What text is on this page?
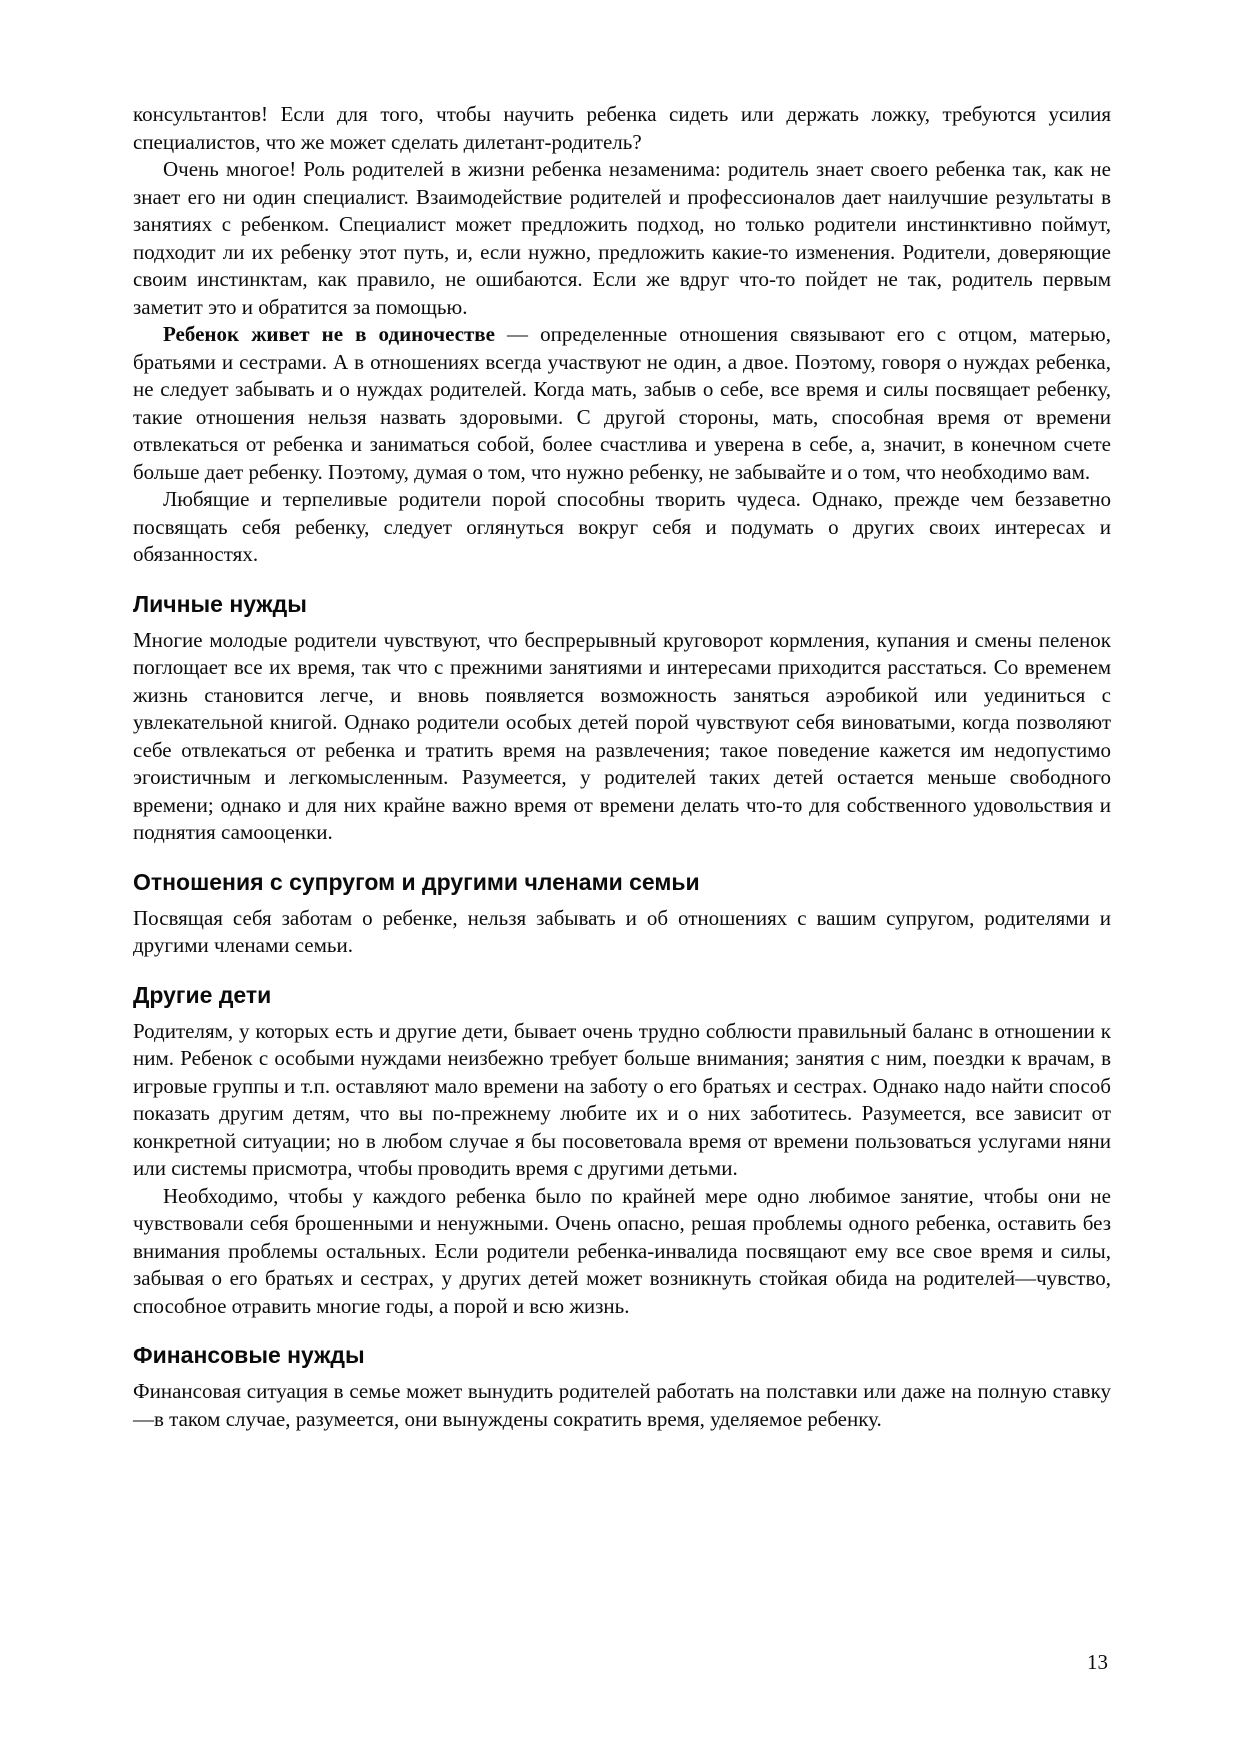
консультантов! Если для того, чтобы научить ребенка сидеть или держать ложку, требуются усилия специалистов, что же может сделать дилетант-родитель?

Очень многое! Роль родителей в жизни ребенка незаменима: родитель знает своего ребенка так, как не знает его ни один специалист. Взаимодействие родителей и профессионалов дает наилучшие результаты в занятиях с ребенком. Специалист может предложить подход, но только родители инстинктивно поймут, подходит ли их ребенку этот путь, и, если нужно, предложить какие-то изменения. Родители, доверяющие своим инстинктам, как правило, не ошибаются. Если же вдруг что-то пойдет не так, родитель первым заметит это и обратится за помощью.

Ребенок живет не в одиночестве — определенные отношения связывают его с отцом, матерью, братьями и сестрами. А в отношениях всегда участвуют не один, а двое. Поэтому, говоря о нуждах ребенка, не следует забывать и о нуждах родителей. Когда мать, забыв о себе, все время и силы посвящает ребенку, такие отношения нельзя назвать здоровыми. С другой стороны, мать, способная время от времени отвлекаться от ребенка и заниматься собой, более счастлива и уверена в себе, а, значит, в конечном счете больше дает ребенку. Поэтому, думая о том, что нужно ребенку, не забывайте и о том, что необходимо вам.

Любящие и терпеливые родители порой способны творить чудеса. Однако, прежде чем беззаветно посвящать себя ребенку, следует оглянуться вокруг себя и подумать о других своих интересах и обязанностях.

Личные нужды

Многие молодые родители чувствуют, что беспрерывный круговорот кормления, купания и смены пеленок поглощает все их время, так что с прежними занятиями и интересами приходится расстаться. Со временем жизнь становится легче, и вновь появляется возможность заняться аэробикой или уединиться с увлекательной книгой. Однако родители особых детей порой чувствуют себя виноватыми, когда позволяют себе отвлекаться от ребенка и тратить время на развлечения; такое поведение кажется им недопустимо эгоистичным и легкомысленным. Разумеется, у родителей таких детей остается меньше свободного времени; однако и для них крайне важно время от времени делать что-то для собственного удовольствия и поднятия самооценки.

Отношения с супругом и другими членами семьи

Посвящая себя заботам о ребенке, нельзя забывать и об отношениях с вашим супругом, родителями и другими членами семьи.

Другие дети

Родителям, у которых есть и другие дети, бывает очень трудно соблюсти правильный баланс в отношении к ним. Ребенок с особыми нуждами неизбежно требует больше внимания; занятия с ним, поездки к врачам, в игровые группы и т.п. оставляют мало времени на заботу о его братьях и сестрах. Однако надо найти способ показать другим детям, что вы по-прежнему любите их и о них заботитесь. Разумеется, все зависит от конкретной ситуации; но в любом случае я бы посоветовала время от времени пользоваться услугами няни или системы присмотра, чтобы проводить время с другими детьми.

Необходимо, чтобы у каждого ребенка было по крайней мере одно любимое занятие, чтобы они не чувствовали себя брошенными и ненужными. Очень опасно, решая проблемы одного ребенка, оставить без внимания проблемы остальных. Если родители ребенка-инвалида посвящают ему все свое время и силы, забывая о его братьях и сестрах, у других детей может возникнуть стойкая обида на родителей—чувство, способное отравить многие годы, а порой и всю жизнь.

Финансовые нужды

Финансовая ситуация в семье может вынудить родителей работать на полставки или даже на полную ставку—в таком случае, разумеется, они вынуждены сократить время, уделяемое ребенку.

13
